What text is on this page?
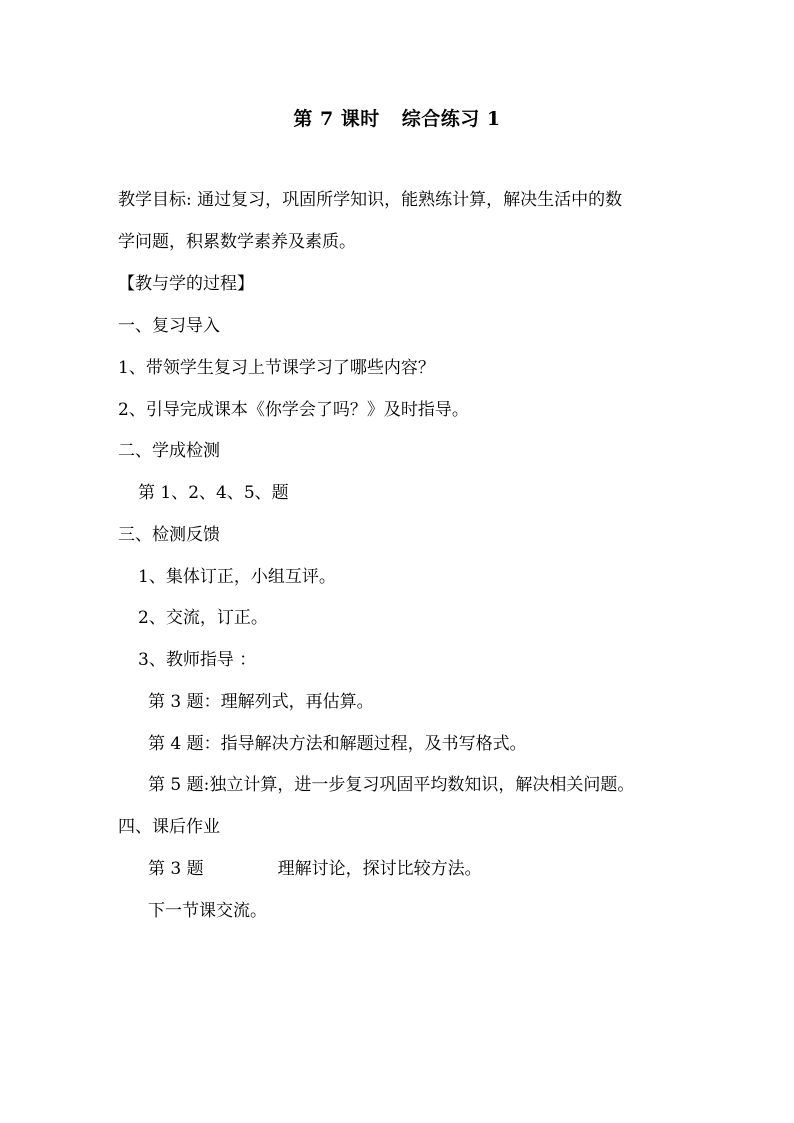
第 7 课时 综合练习 1
教学目标: 通过复习，巩固所学知识，能熟练计算，解决生活中的数
学问题，积累数学素养及素质。
【教与学的过程】
一、复习导入
1、带领学生复习上节课学习了哪些内容？
2、引导完成课本《你学会了吗？》及时指导。
二、学成检测
第 1、2、4、5、题
三、检测反馈
1、集体订正，小组互评。
2、交流，订正。
3、教师指导 ：
第 3 题：理解列式，再估算。
第 4 题：指导解决方法和解题过程，及书写格式。
第 5 题:独立计算，进一步复习巩固平均数知识，解决相关问题。
四、课后作业
第 3 题	理解讨论，探讨比较方法。
下一节课交流。
